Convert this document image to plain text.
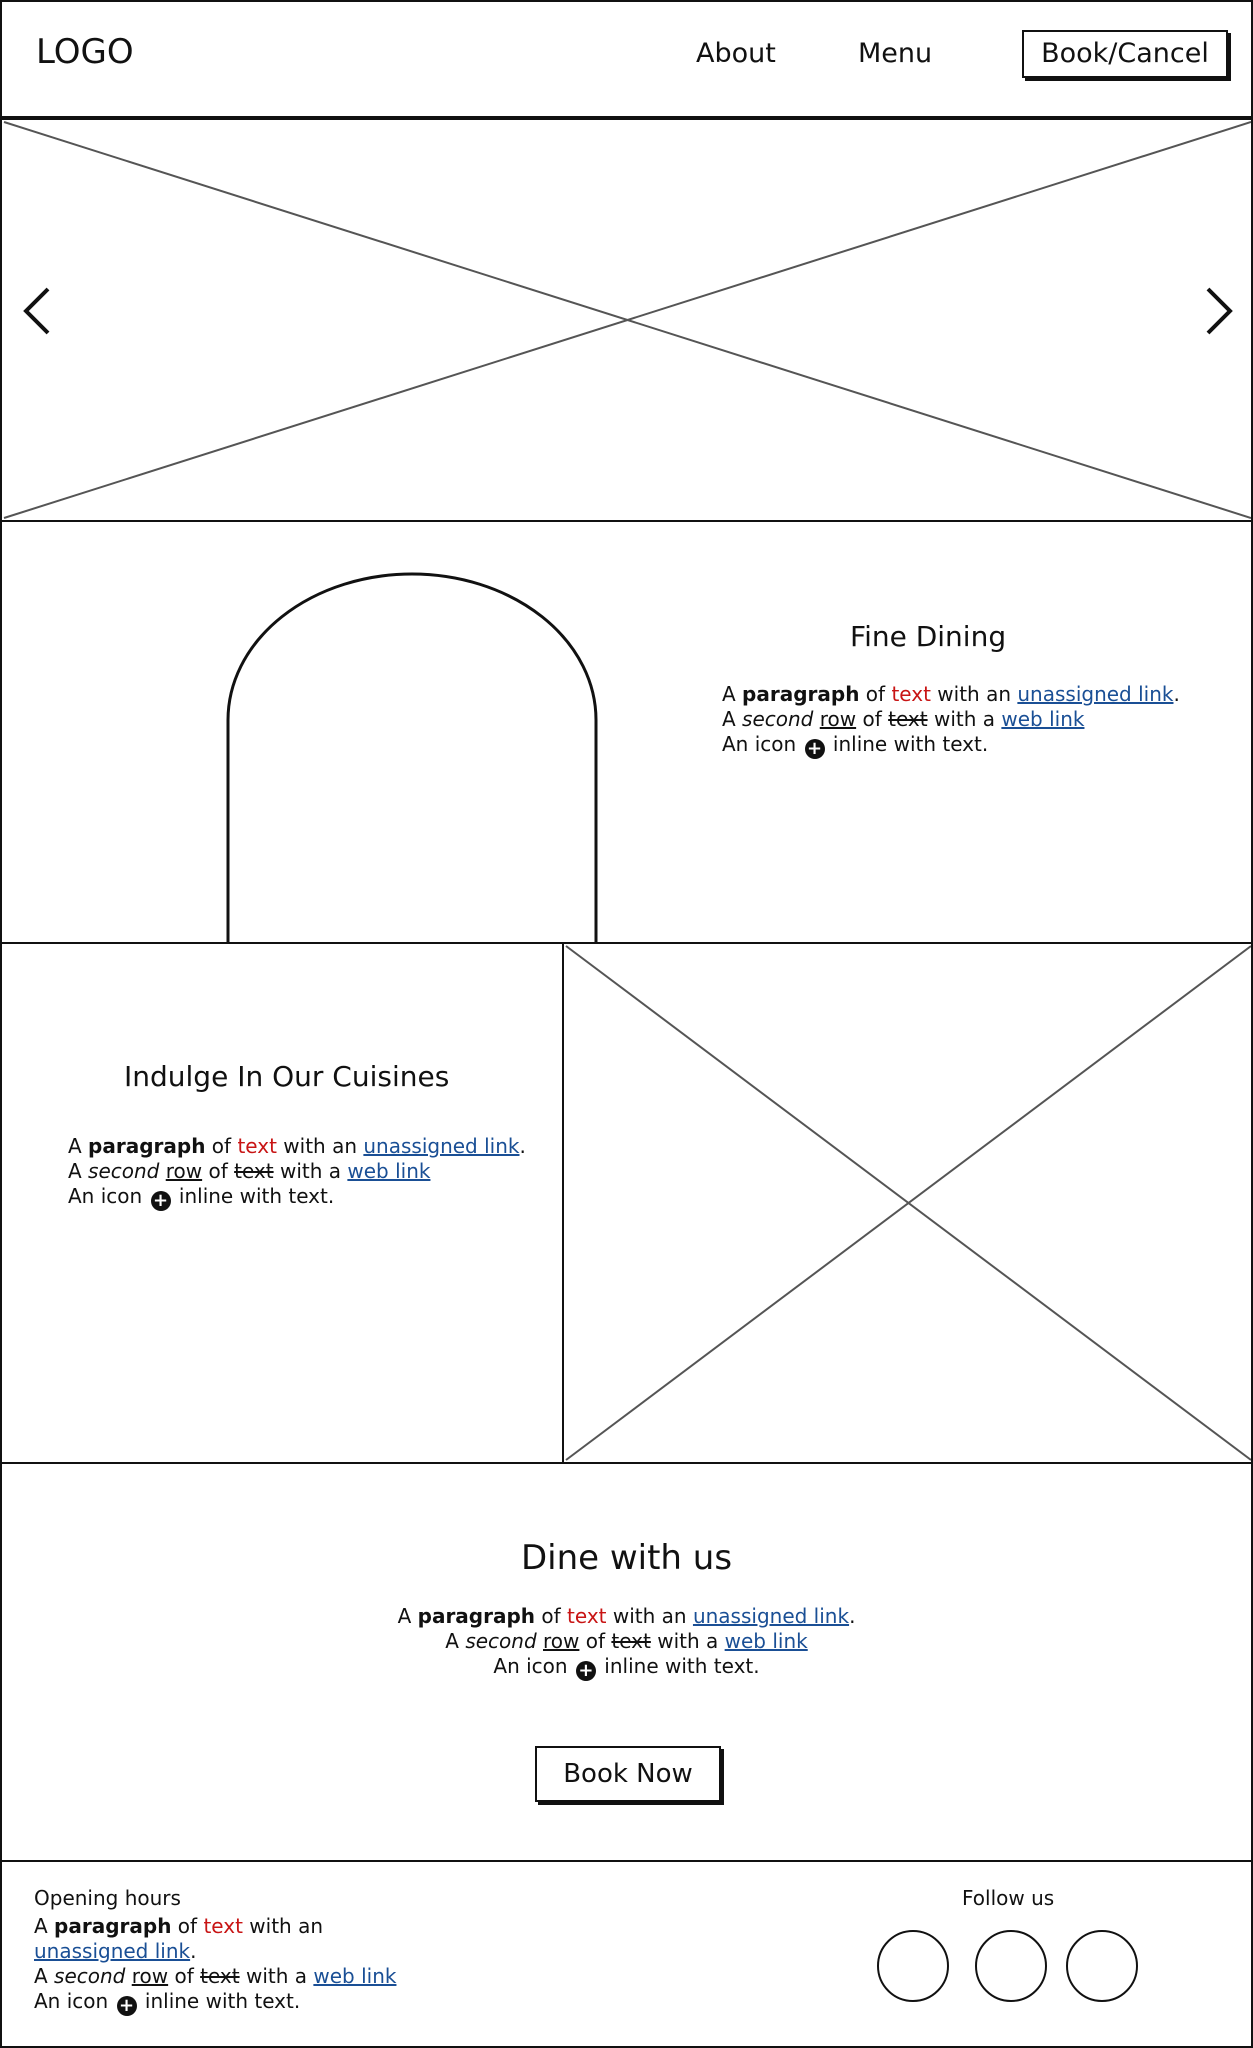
LOGO	About	Menu	Book/Cancel
Fine Dining
A paragraph of text with an unassigned link.
A second row of text with a web link
An icon + inline with text.
Indulge In Our Cuisines
A paragraph of text with an unassigned link.
A second row of text with a web link
An icon + inline with text.
Dine with us
A paragraph of text with an unassigned link.
A second row of text with a web link
An icon + inline with text.
Book Now
Opening hours
A paragraph of text with an unassigned link.
A second row of text with a web link
An icon + inline with text.
Follow us
